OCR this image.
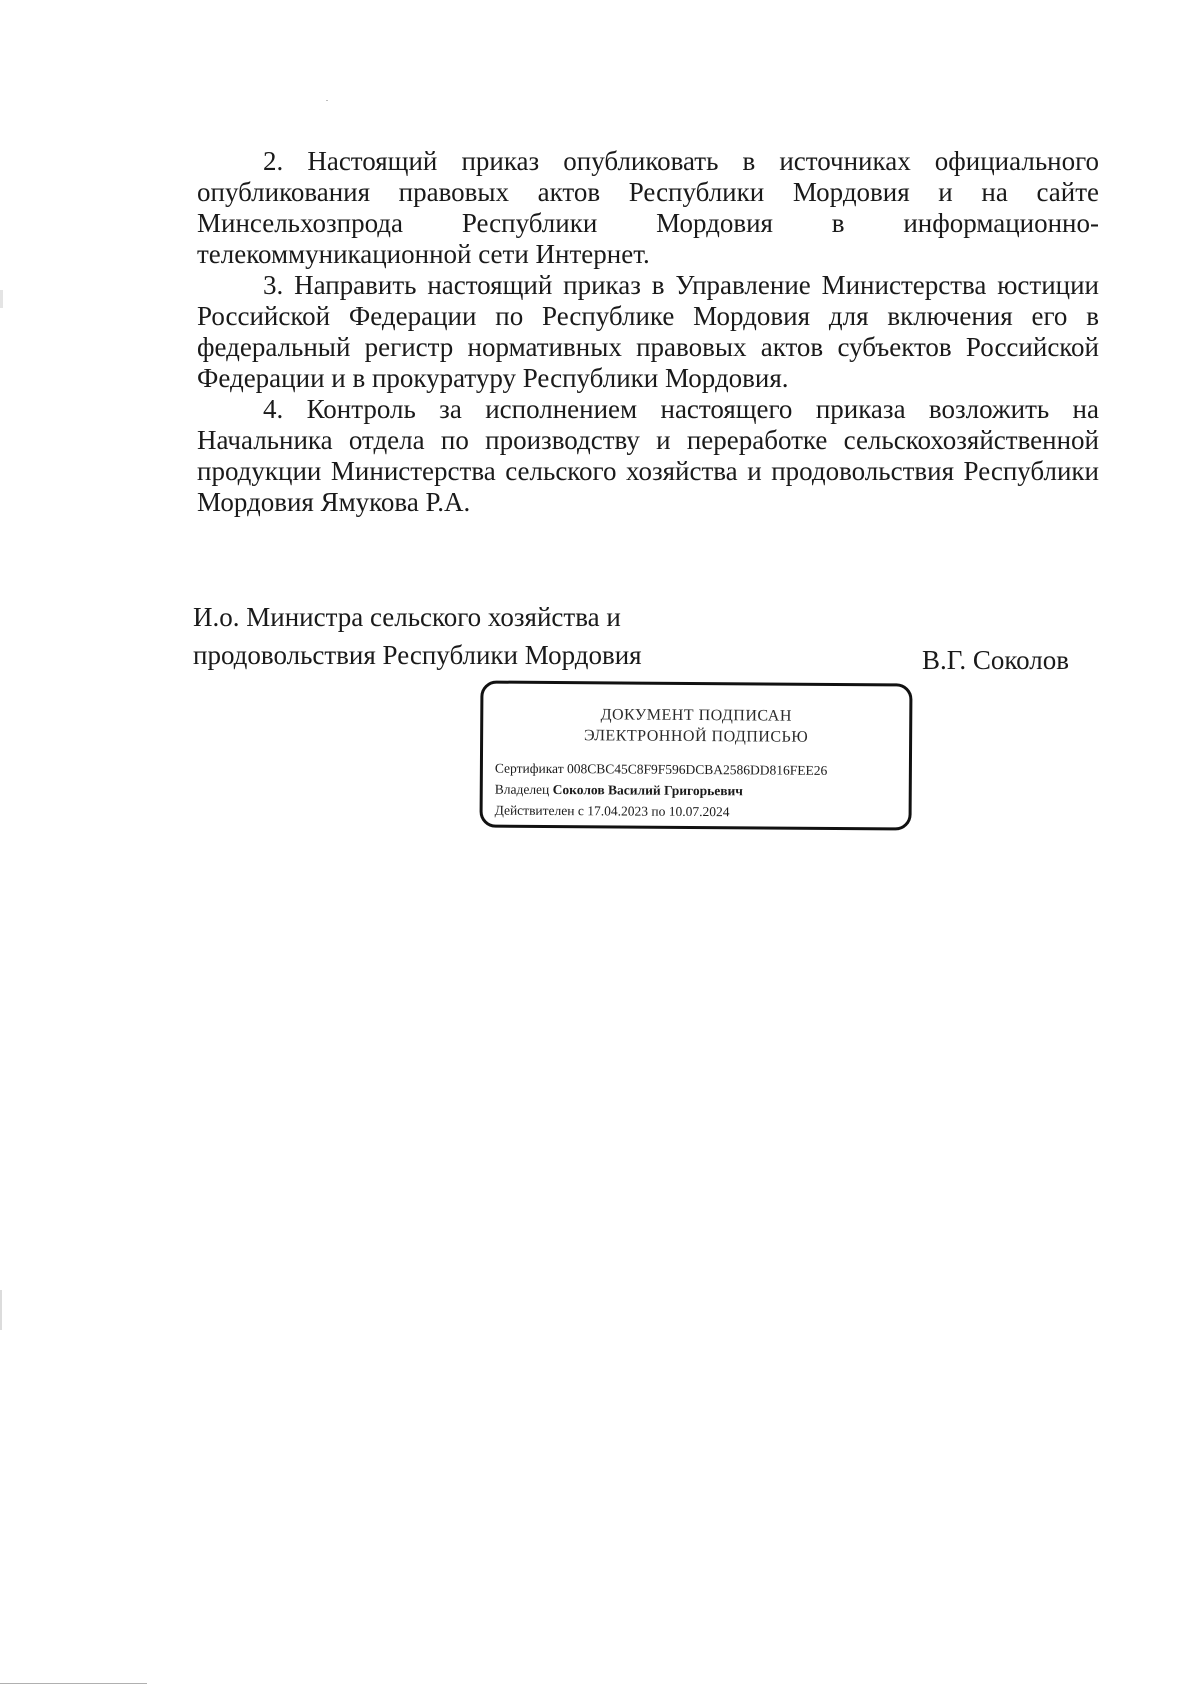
2. Настоящий приказ опубликовать в источниках официального опубликования правовых актов Республики Мордовия и на сайте Минсельхозпрода Республики Мордовия в информационно-телекоммуникационной сети Интернет.

3. Направить настоящий приказ в Управление Министерства юстиции Российской Федерации по Республике Мордовия для включения его в федеральный регистр нормативных правовых актов субъектов Российской Федерации и в прокуратуру Республики Мордовия.

4. Контроль за исполнением настоящего приказа возложить на Начальника отдела по производству и переработке сельскохозяйственной продукции Министерства сельского хозяйства и продовольствия Республики Мордовия Ямукова Р.А.

И.о. Министра сельского хозяйства и
продовольствия Республики Мордовия	В.Г. Соколов
ДОКУМЕНТ ПОДПИСАН
ЭЛЕКТРОННОЙ ПОДПИСЬЮ
Сертификат 008CBC45C8F9F596DCBA2586DD816FEE26
Владелец Соколов Василий Григорьевич
Действителен с 17.04.2023 по 10.07.2024
